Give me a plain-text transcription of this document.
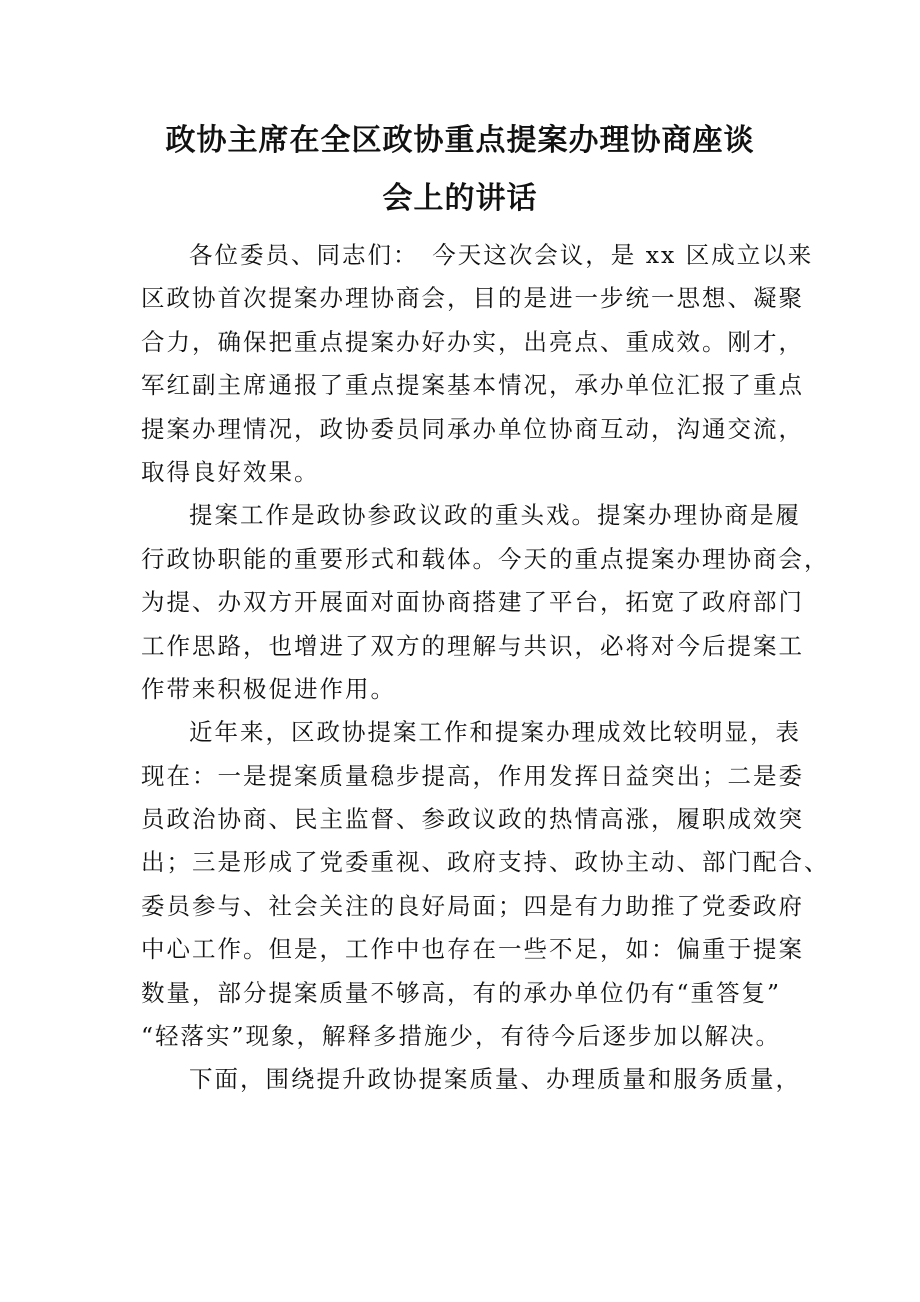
政协主席在全区政协重点提案办理协商座谈
会上的讲话
各位委员、同志们：　今天这次会议，是 xx 区成立以来
区政协首次提案办理协商会，目的是进一步统一思想、凝聚
合力，确保把重点提案办好办实，出亮点、重成效。刚才，
军红副主席通报了重点提案基本情况，承办单位汇报了重点
提案办理情况，政协委员同承办单位协商互动，沟通交流，
取得良好效果。
提案工作是政协参政议政的重头戏。提案办理协商是履
行政协职能的重要形式和载体。今天的重点提案办理协商会，
为提、办双方开展面对面协商搭建了平台，拓宽了政府部门
工作思路，也增进了双方的理解与共识，必将对今后提案工
作带来积极促进作用。
近年来，区政协提案工作和提案办理成效比较明显，表
现在：一是提案质量稳步提高，作用发挥日益突出；二是委
员政治协商、民主监督、参政议政的热情高涨，履职成效突
出；三是形成了党委重视、政府支持、政协主动、部门配合、
委员参与、社会关注的良好局面；四是有力助推了党委政府
中心工作。但是，工作中也存在一些不足，如：偏重于提案
数量，部分提案质量不够高，有的承办单位仍有“重答复”
“轻落实”现象，解释多措施少，有待今后逐步加以解决。
下面，围绕提升政协提案质量、办理质量和服务质量，
